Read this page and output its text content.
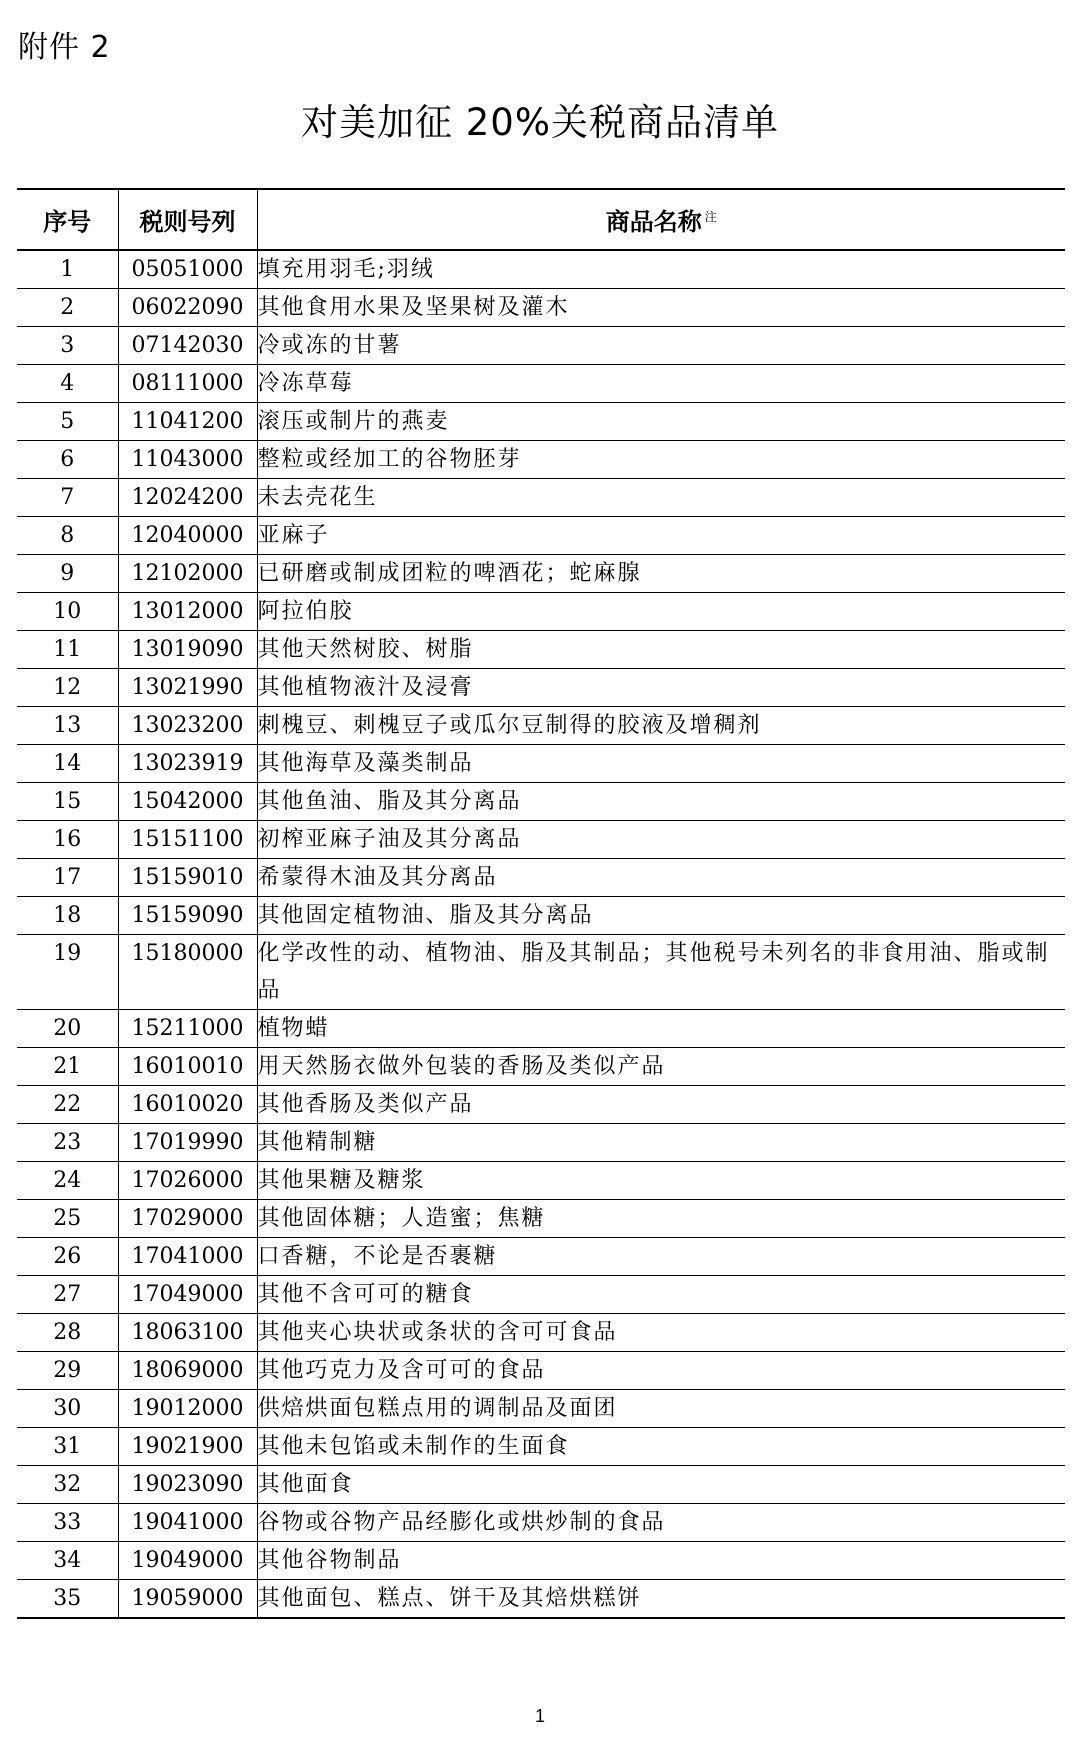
附件 2
对美加征 20%关税商品清单
序号	税则号列	商品名称 $^注$
1	05051000	填充用羽毛;羽绒
2	06022090	其他食用水果及坚果树及灌木
3	07142030	冷或冻的甘薯
4	08111000	冷冻草莓
5	11041200	滚压或制片的燕麦
6	11043000	整粒或经加工的谷物胚芽
7	12024200	未去壳花生
8	12040000	亚麻子
9	12102000	已研磨或制成团粒的啤酒花；蛇麻腺
10	13012000	阿拉伯胶
11	13019090	其他天然树胶、树脂
12	13021990	其他植物液汁及浸膏
13	13023200	刺槐豆、刺槐豆子或瓜尔豆制得的胶液及增稠剂
14	13023919	其他海草及藻类制品
15	15042000	其他鱼油、脂及其分离品
16	15151100	初榨亚麻子油及其分离品
17	15159010	希蒙得木油及其分离品
18	15159090	其他固定植物油、脂及其分离品
19	15180000	化学改性的动、植物油、脂及其制品；其他税号未列名的非食用油、脂或制品
20	15211000	植物蜡
21	16010010	用天然肠衣做外包装的香肠及类似产品
22	16010020	其他香肠及类似产品
23	17019990	其他精制糖
24	17026000	其他果糖及糖浆
25	17029000	其他固体糖；人造蜜；焦糖
26	17041000	口香糖，不论是否裹糖
27	17049000	其他不含可可的糖食
28	18063100	其他夹心块状或条状的含可可食品
29	18069000	其他巧克力及含可可的食品
30	19012000	供焙烘面包糕点用的调制品及面团
31	19021900	其他未包馅或未制作的生面食
32	19023090	其他面食
33	19041000	谷物或谷物产品经膨化或烘炒制的食品
34	19049000	其他谷物制品
35	19059000	其他面包、糕点、饼干及其焙烘糕饼
1
